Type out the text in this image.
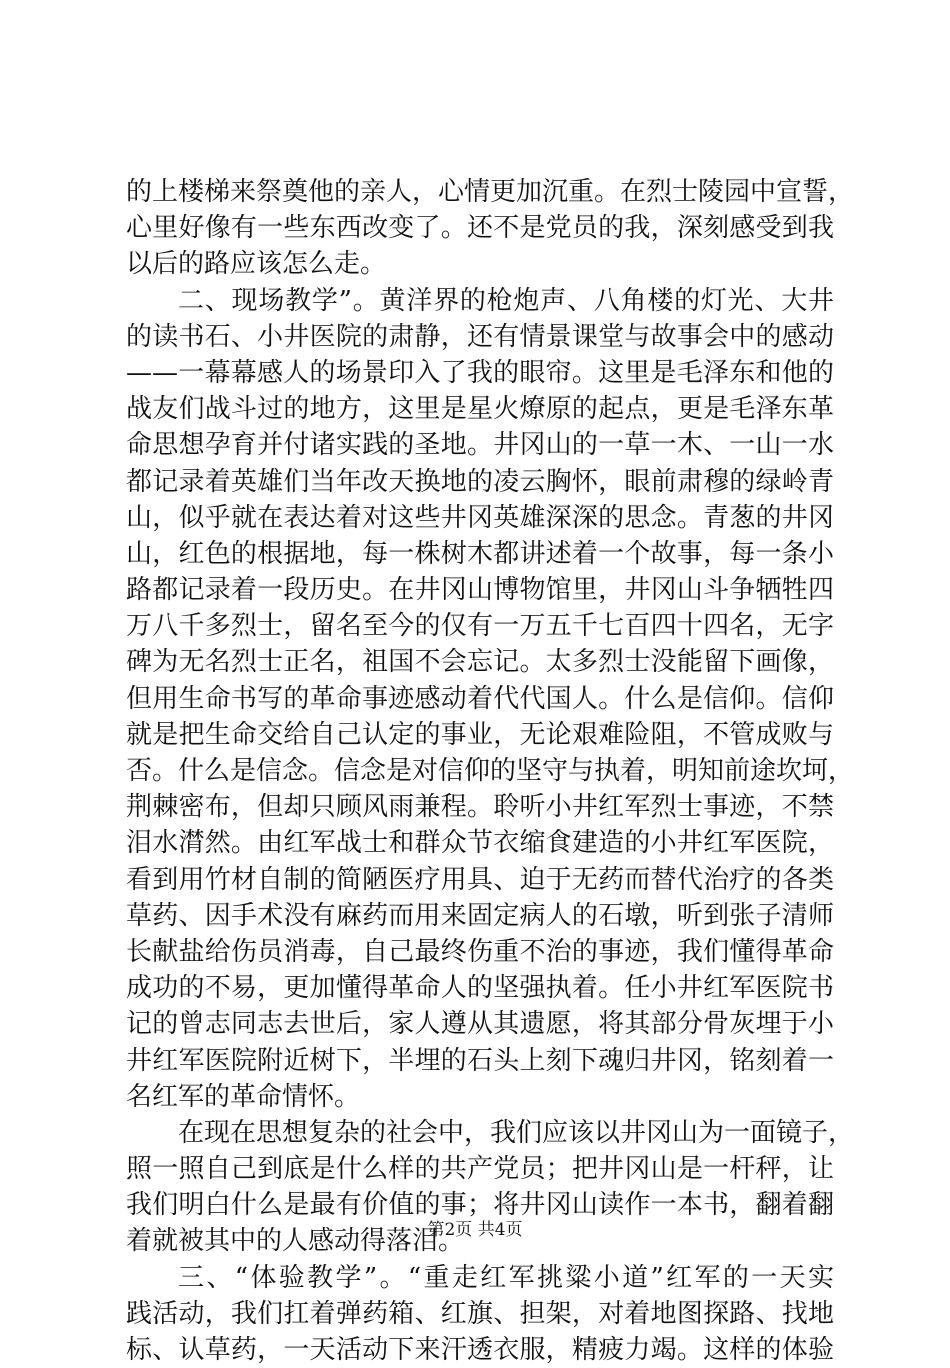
的上楼梯来祭奠他的亲人，心情更加沉重。在烈士陵园中宣誓，
心里好像有一些东西改变了。还不是党员的我，深刻感受到我
以后的路应该怎么走。
二、现场教学”。黄洋界的枪炮声、八角楼的灯光、大井
的读书石、小井医院的肃静，还有情景课堂与故事会中的感动
——一幕幕感人的场景印入了我的眼帘。这里是毛泽东和他的
战友们战斗过的地方，这里是星火燎原的起点，更是毛泽东革
命思想孕育并付诸实践的圣地。井冈山的一草一木、一山一水
都记录着英雄们当年改天换地的凌云胸怀，眼前肃穆的绿岭青
山，似乎就在表达着对这些井冈英雄深深的思念。青葱的井冈
山，红色的根据地，每一株树木都讲述着一个故事，每一条小
路都记录着一段历史。在井冈山博物馆里，井冈山斗争牺牲四
万八千多烈士，留名至今的仅有一万五千七百四十四名，无字
碑为无名烈士正名，祖国不会忘记。太多烈士没能留下画像，
但用生命书写的革命事迹感动着代代国人。什么是信仰。信仰
就是把生命交给自己认定的事业，无论艰难险阻，不管成败与
否。什么是信念。信念是对信仰的坚守与执着，明知前途坎坷，
荆棘密布，但却只顾风雨兼程。聆听小井红军烈士事迹，不禁
泪水潸然。由红军战士和群众节衣缩食建造的小井红军医院，
看到用竹材自制的简陋医疗用具、迫于无药而替代治疗的各类
草药、因手术没有麻药而用来固定病人的石墩，听到张子清师
长献盐给伤员消毒，自己最终伤重不治的事迹，我们懂得革命
成功的不易，更加懂得革命人的坚强执着。任小井红军医院书
记的曾志同志去世后，家人遵从其遗愿，将其部分骨灰埋于小
井红军医院附近树下，半埋的石头上刻下魂归井冈，铭刻着一
名红军的革命情怀。
在现在思想复杂的社会中，我们应该以井冈山为一面镜子，
照一照自己到底是什么样的共产党员；把井冈山是一杆秤，让
我们明白什么是最有价值的事；将井冈山读作一本书，翻着翻
着就被其中的人感动得落泪。
三、“体验教学”。“重走红军挑粱小道”红军的一天实
践活动，我们扛着弹药箱、红旗、担架，对着地图探路、找地
标、认草药，一天活动下来汗透衣服，精疲力竭。这样的体验
第2页 共4页
